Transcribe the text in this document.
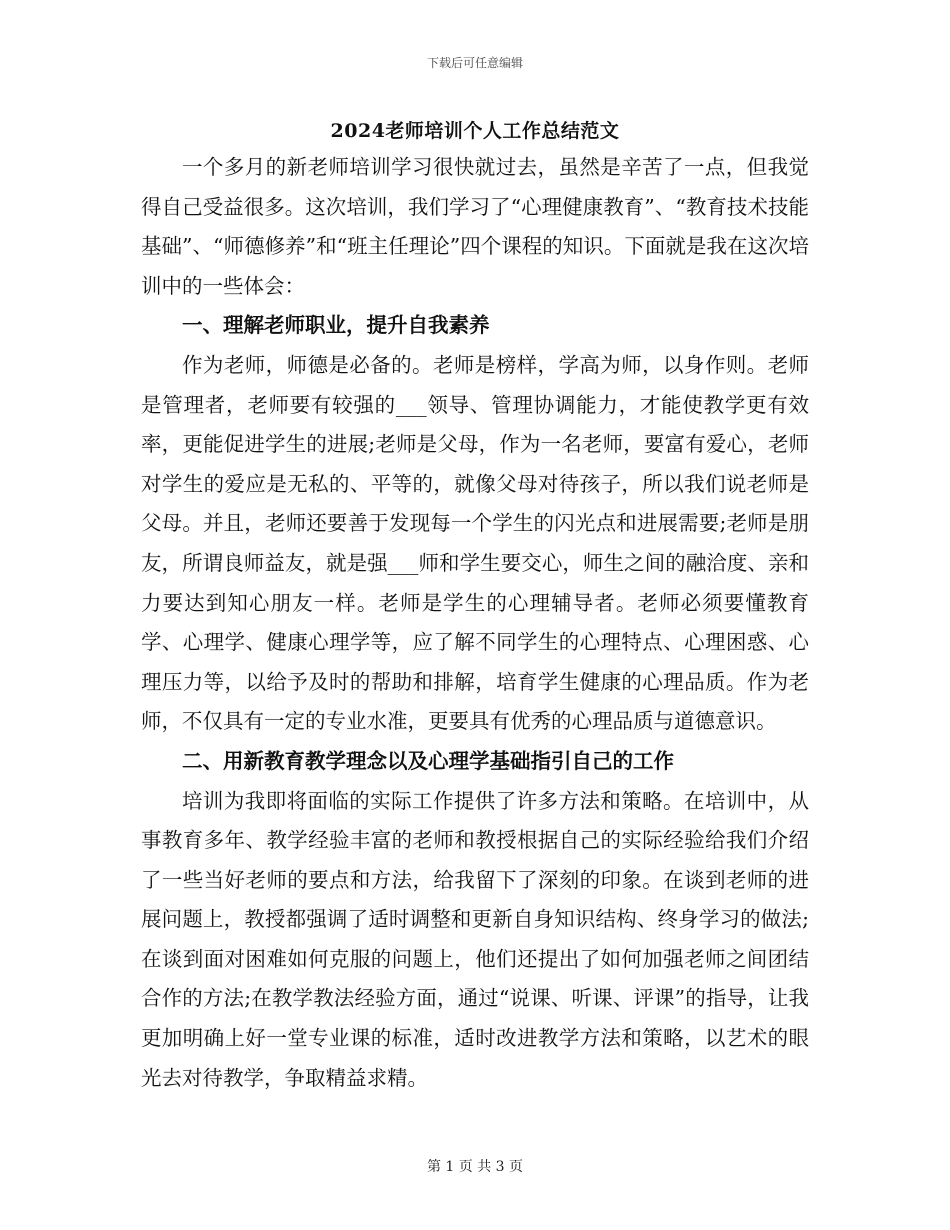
下载后可任意编辑
2024老师培训个人工作总结范文

一个多月的新老师培训学习很快就过去，虽然是辛苦了一点，但我觉得自己受益很多。这次培训，我们学习了“心理健康教育”、“教育技术技能基础”、“师德修养”和“班主任理论”四个课程的知识。下面就是我在这次培训中的一些体会：

一、理解老师职业，提升自我素养

作为老师，师德是必备的。老师是榜样，学高为师，以身作则。老师是管理者，老师要有较强的___领导、管理协调能力，才能使教学更有效率，更能促进学生的进展;老师是父母，作为一名老师，要富有爱心，老师对学生的爱应是无私的、平等的，就像父母对待孩子，所以我们说老师是父母。并且，老师还要善于发现每一个学生的闪光点和进展需要;老师是朋友，所谓良师益友，就是强___师和学生要交心，师生之间的融洽度、亲和力要达到知心朋友一样。老师是学生的心理辅导者。老师必须要懂教育学、心理学、健康心理学等，应了解不同学生的心理特点、心理困惑、心理压力等，以给予及时的帮助和排解，培育学生健康的心理品质。作为老师，不仅具有一定的专业水准，更要具有优秀的心理品质与道德意识。

二、用新教育教学理念以及心理学基础指引自己的工作

培训为我即将面临的实际工作提供了许多方法和策略。在培训中，从事教育多年、教学经验丰富的老师和教授根据自己的实际经验给我们介绍了一些当好老师的要点和方法，给我留下了深刻的印象。在谈到老师的进展问题上，教授都强调了适时调整和更新自身知识结构、终身学习的做法;在谈到面对困难如何克服的问题上，他们还提出了如何加强老师之间团结合作的方法;在教学教法经验方面，通过“说课、听课、评课”的指导，让我更加明确上好一堂专业课的标准，适时改进教学方法和策略，以艺术的眼光去对待教学，争取精益求精。

第 1 页 共 3 页
